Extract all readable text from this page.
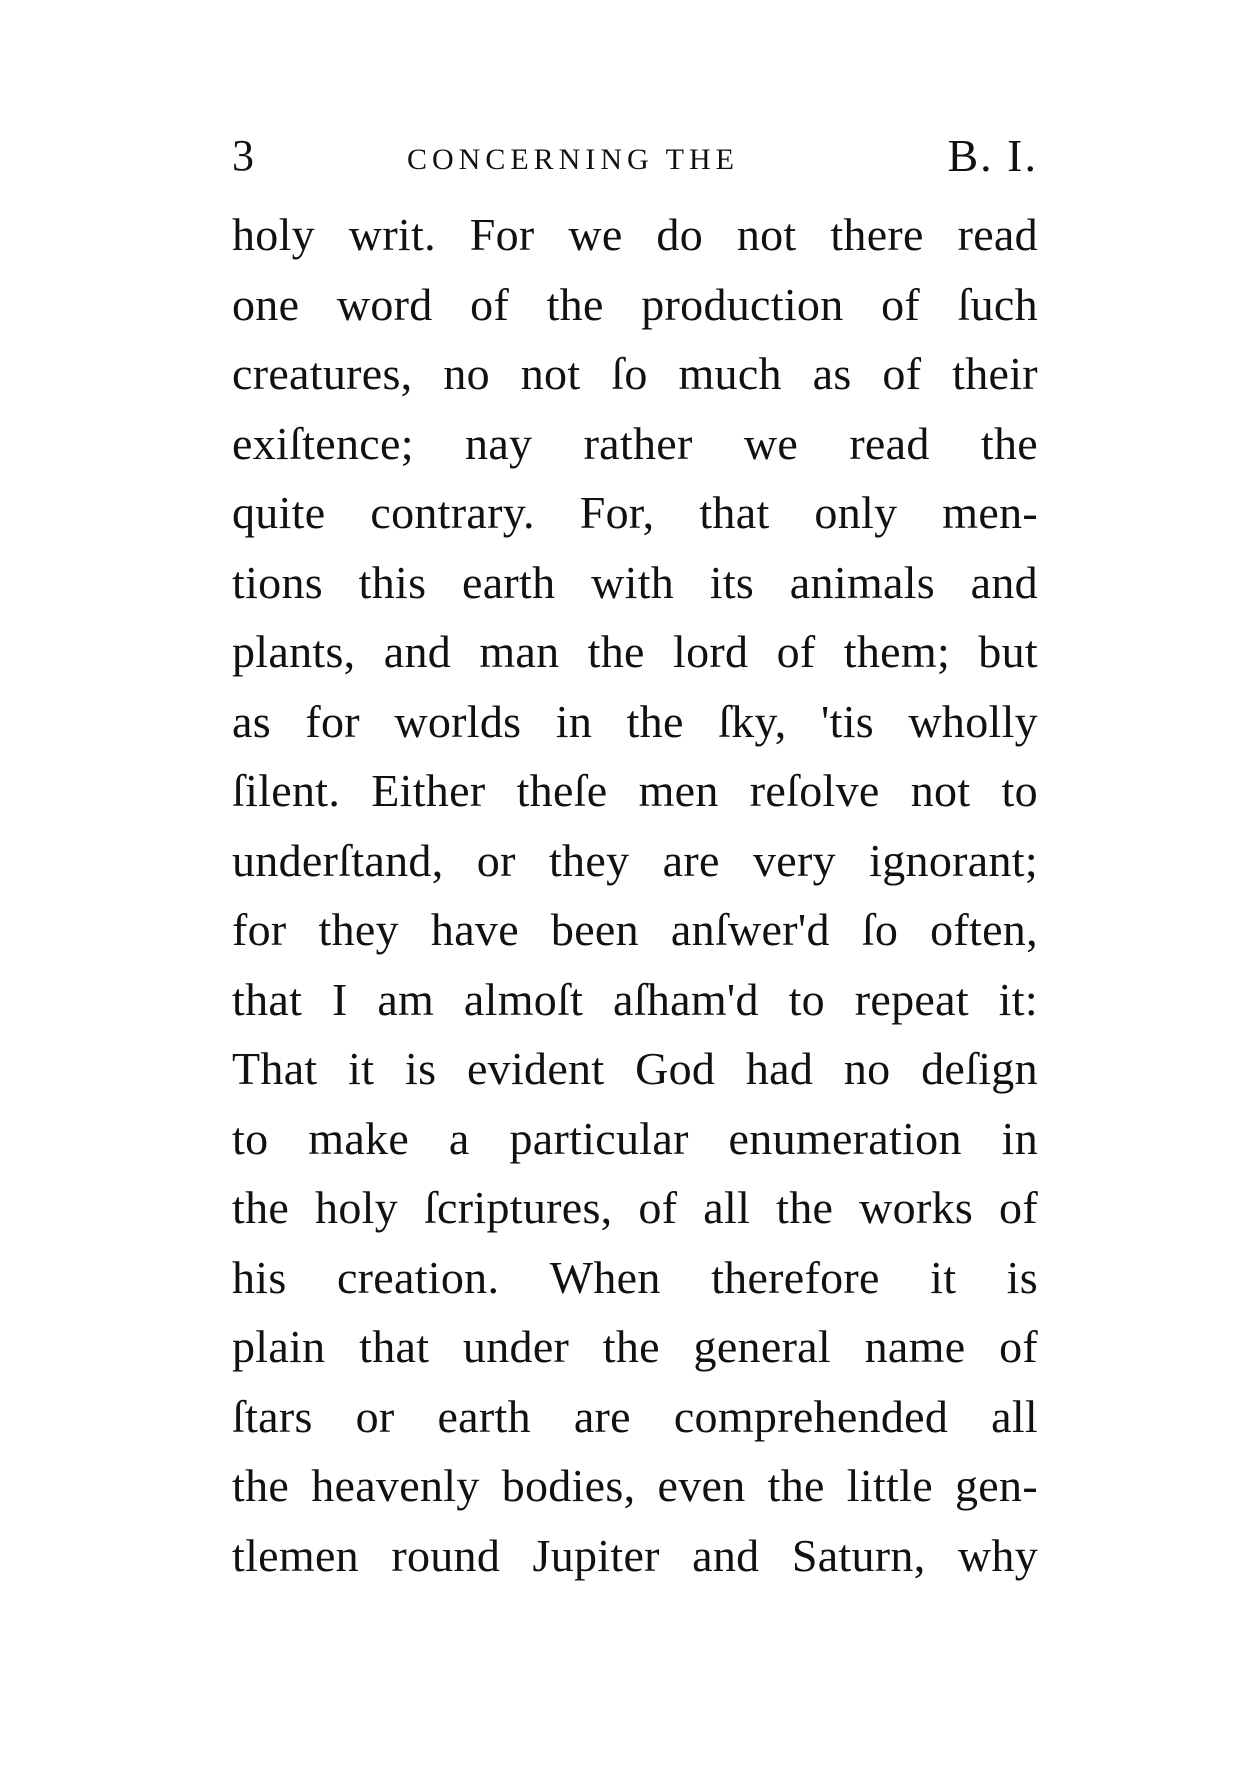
3	CONCERNING THE	B. I.
holy writ. For we do not there read
one word of the production of ſuch
creatures, no not ſo much as of their
exiſtence; nay rather we read the
quite contrary. For, that only men-
tions this earth with its animals and
plants, and man the lord of them; but
as for worlds in the ſky, 'tis wholly
ſilent. Either theſe men reſolve not to
underſtand, or they are very ignorant;
for they have been anſwer'd ſo often,
that I am almoſt aſham'd to repeat it:
That it is evident God had no deſign
to make a particular enumeration in
the holy ſcriptures, of all the works of
his creation. When therefore it is
plain that under the general name of
ſtars or earth are comprehended all
the heavenly bodies, even the little gen-
tlemen round Jupiter and Saturn, why
